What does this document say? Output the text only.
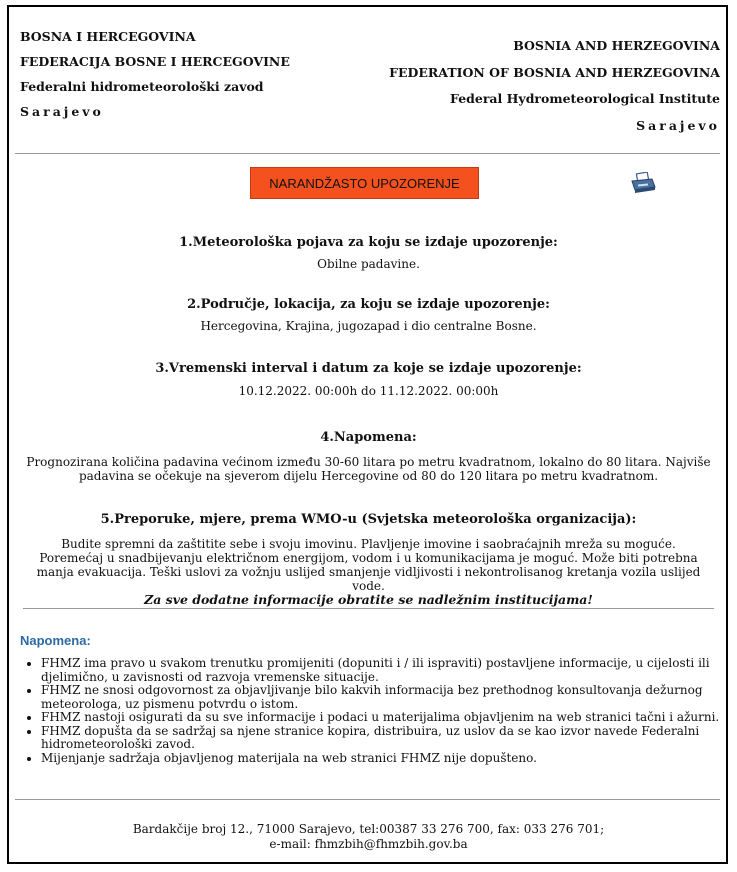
BOSNA I HERCEGOVINA
FEDERACIJA BOSNE I HERCEGOVINE
Federalni hidrometeorološki zavod
Sarajevo
BOSNIA AND HERZEGOVINA
FEDERATION OF BOSNIA AND HERZEGOVINA
Federal Hydrometeorological Institute
Sarajevo
NARANDŽASTO UPOZORENJE
1.Meteorološka pojava za koju se izdaje upozorenje:
Obilne padavine.
2.Područje, lokacija, za koju se izdaje upozorenje:
Hercegovina, Krajina, jugozapad i dio centralne Bosne.
3.Vremenski interval i datum za koje se izdaje upozorenje:
10.12.2022. 00:00h do 11.12.2022. 00:00h
4.Napomena:
Prognozirana količina padavina većinom između 30-60 litara po metru kvadratnom, lokalno do 80 litara. Najviše padavina se očekuje na sjeverom dijelu Hercegovine od 80 do 120 litara po metru kvadratnom.
5.Preporuke, mjere, prema WMO-u (Svjetska meteorološka organizacija):
Budite spremni da zaštitite sebe i svoju imovinu. Plavljenje imovine i saobraćajnih mreža su moguće. Poremećaj u snadbijevanju električnom energijom, vodom i u komunikacijama je moguć. Može biti potrebna manja evakuacija. Teški uslovi za vožnju uslijed smanjenje vidljivosti i nekontrolisanog kretanja vozila uslijed vode.
Za sve dodatne informacije obratite se nadležnim institucijama!
Napomena:
• FHMZ ima pravo u svakom trenutku promijeniti (dopuniti i / ili ispraviti) postavljene informacije, u cijelosti ili djelimično, u zavisnosti od razvoja vremenske situacije.
• FHMZ ne snosi odgovornost za objavljivanje bilo kakvih informacija bez prethodnog konsultovanja dežurnog meteorologa, uz pismenu potvrdu o istom.
• FHMZ nastoji osigurati da su sve informacije i podaci u materijalima objavljenim na web stranici tačni i ažurni.
• FHMZ dopušta da se sadržaj sa njene stranice kopira, distribuira, uz uslov da se kao izvor navede Federalni hidrometeorološki zavod.
• Mijenjanje sadržaja objavljenog materijala na web stranici FHMZ nije dopušteno.
Bardakčije broj 12., 71000 Sarajevo, tel:00387 33 276 700, fax: 033 276 701;
e-mail: fhmzbih@fhmzbih.gov.ba
